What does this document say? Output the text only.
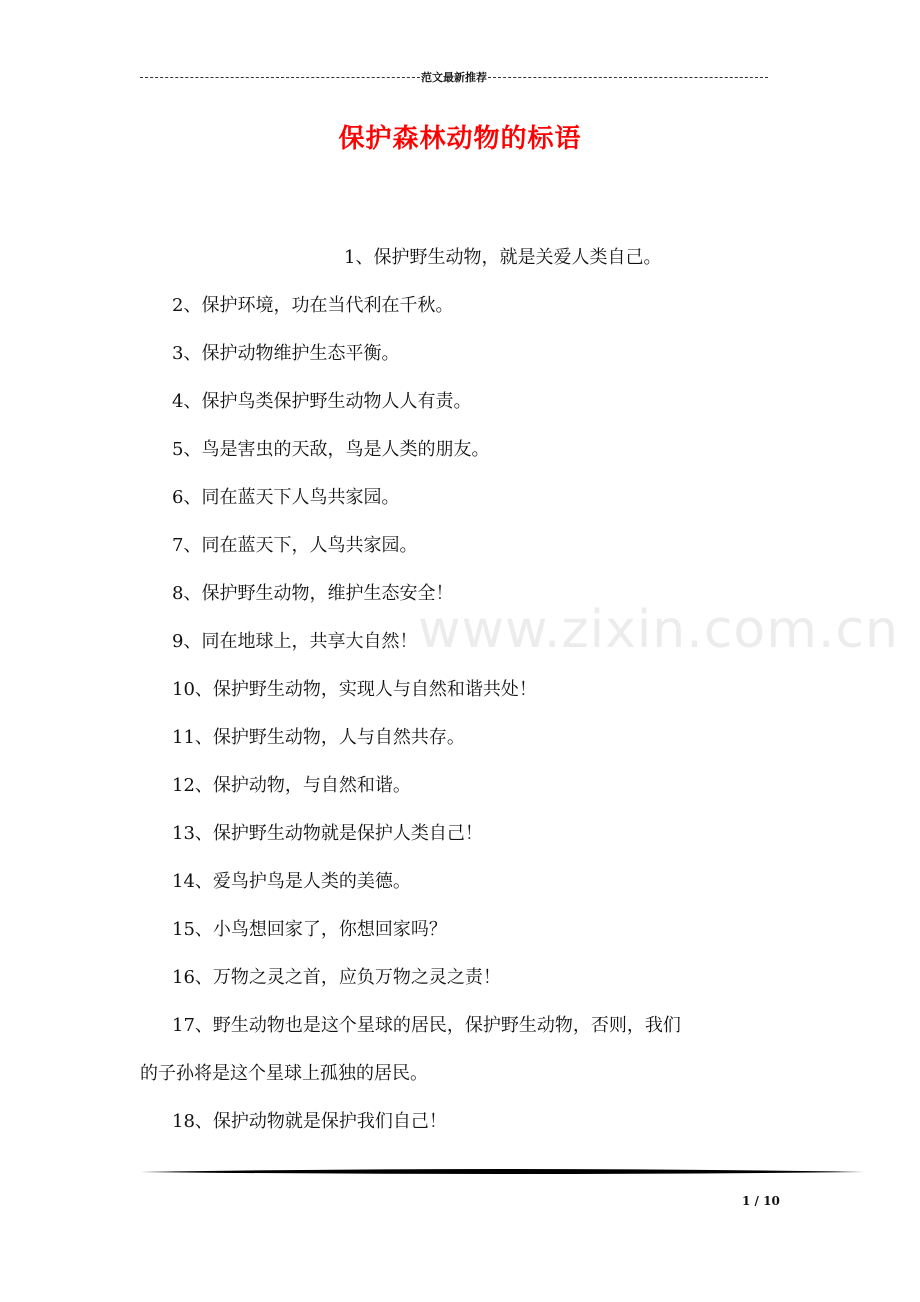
范文最新推荐
保护森林动物的标语
www.zixin.com.cn
1、保护野生动物，就是关爱人类自己。
2、保护环境，功在当代利在千秋。
3、保护动物维护生态平衡。
4、保护鸟类保护野生动物人人有责。
5、鸟是害虫的天敌，鸟是人类的朋友。
6、同在蓝天下人鸟共家园。
7、同在蓝天下，人鸟共家园。
8、保护野生动物，维护生态安全！
9、同在地球上，共享大自然！
10、保护野生动物，实现人与自然和谐共处！
11、保护野生动物，人与自然共存。
12、保护动物，与自然和谐。
13、保护野生动物就是保护人类自己！
14、爱鸟护鸟是人类的美德。
15、小鸟想回家了，你想回家吗？
16、万物之灵之首，应负万物之灵之责！
17、野生动物也是这个星球的居民，保护野生动物，否则，我们
的子孙将是这个星球上孤独的居民。
18、保护动物就是保护我们自己！
1 / 10
